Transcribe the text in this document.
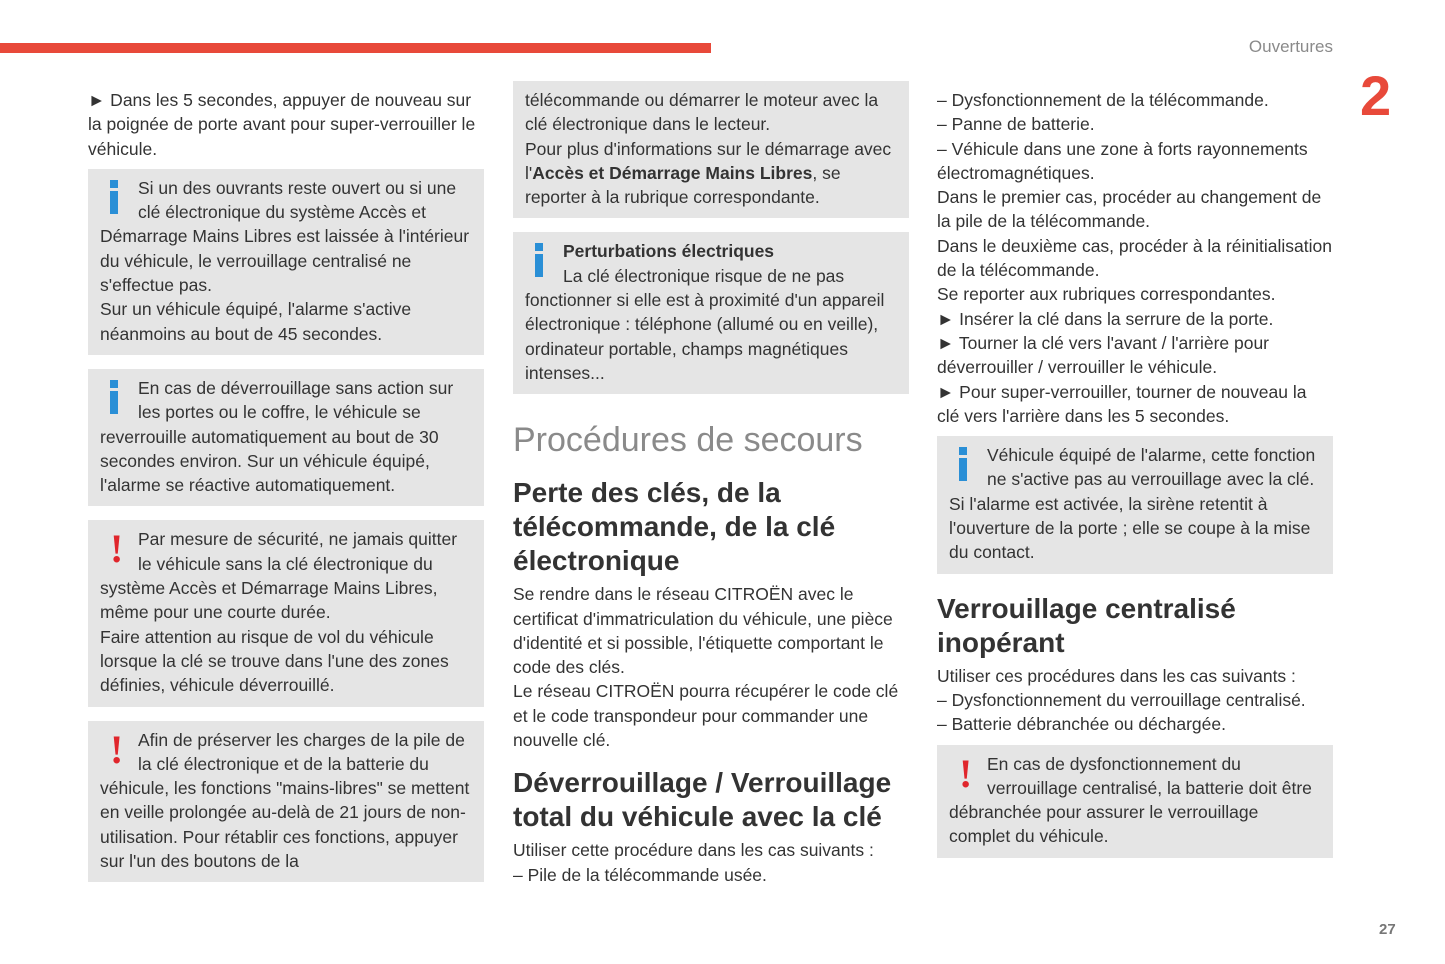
Ouvertures
2
27

► Dans les 5 secondes, appuyer de nouveau sur la poignée de porte avant pour super-verrouiller le véhicule.

Si un des ouvrants reste ouvert ou si une clé électronique du système Accès et Démarrage Mains Libres est laissée à l'intérieur du véhicule, le verrouillage centralisé ne s'effectue pas.

Sur un véhicule équipé, l'alarme s'active néanmoins au bout de 45 secondes.

En cas de déverrouillage sans action sur les portes ou le coffre, le véhicule se reverrouille automatiquement au bout de 30 secondes environ. Sur un véhicule équipé, l'alarme se réactive automatiquement.

! Par mesure de sécurité, ne jamais quitter le véhicule sans la clé électronique du système Accès et Démarrage Mains Libres, même pour une courte durée.

Faire attention au risque de vol du véhicule lorsque la clé se trouve dans l'une des zones définies, véhicule déverrouillé.

! Afin de préserver les charges de la pile de la clé électronique et de la batterie du véhicule, les fonctions "mains-libres" se mettent en veille prolongée au-delà de 21 jours de non-utilisation. Pour rétablir ces fonctions, appuyer sur l'un des boutons de la

télécommande ou démarrer le moteur avec la clé électronique dans le lecteur.

Pour plus d'informations sur le démarrage avec l'Accès et Démarrage Mains Libres, se reporter à la rubrique correspondante.

Perturbations électriques

La clé électronique risque de ne pas fonctionner si elle est à proximité d'un appareil électronique : téléphone (allumé ou en veille), ordinateur portable, champs magnétiques intenses...

Procédures de secours
Perte des clés, de la télécommande, de la clé électronique

Se rendre dans le réseau CITROËN avec le certificat d'immatriculation du véhicule, une pièce d'identité et si possible, l'étiquette comportant le code des clés.

Le réseau CITROËN pourra récupérer le code clé et le code transpondeur pour commander une nouvelle clé.

Déverrouillage / Verrouillage total du véhicule avec la clé

Utiliser cette procédure dans les cas suivants :

– Pile de la télécommande usée.

– Dysfonctionnement de la télécommande.

– Panne de batterie.

– Véhicule dans une zone à forts rayonnements électromagnétiques.

Dans le premier cas, procéder au changement de la pile de la télécommande.

Dans le deuxième cas, procéder à la réinitialisation de la télécommande.

Se reporter aux rubriques correspondantes.

► Insérer la clé dans la serrure de la porte.

► Tourner la clé vers l'avant / l'arrière pour déverrouiller / verrouiller le véhicule.

► Pour super-verrouiller, tourner de nouveau la clé vers l'arrière dans les 5 secondes.

Véhicule équipé de l'alarme, cette fonction ne s'active pas au verrouillage avec la clé.

Si l'alarme est activée, la sirène retentit à l'ouverture de la porte ; elle se coupe à la mise du contact.

Verrouillage centralisé inopérant

Utiliser ces procédures dans les cas suivants :

– Dysfonctionnement du verrouillage centralisé.

– Batterie débranchée ou déchargée.

! En cas de dysfonctionnement du verrouillage centralisé, la batterie doit être débranchée pour assurer le verrouillage complet du véhicule.
